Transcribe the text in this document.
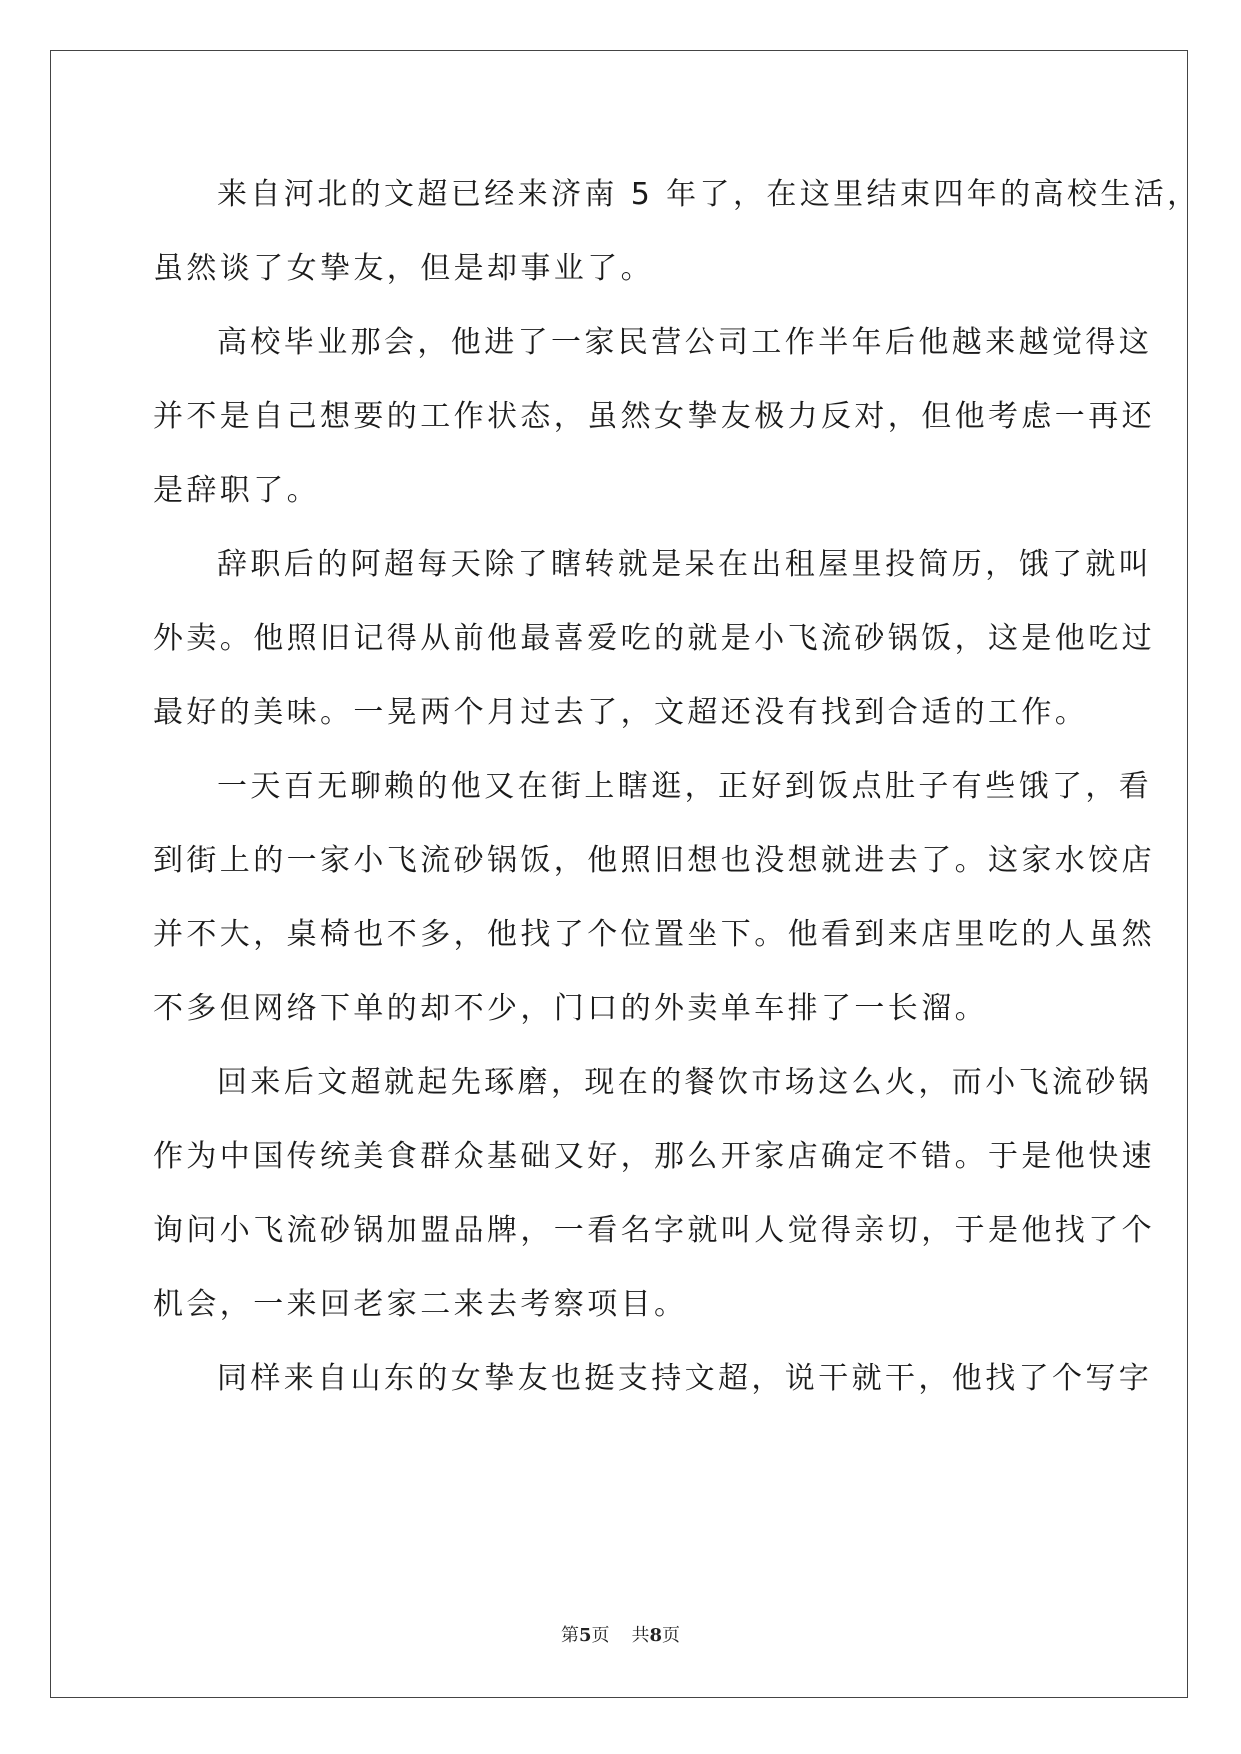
来自河北的文超已经来济南 5 年了，在这里结束四年的高校生活，

虽然谈了女挚友，但是却事业了。

高校毕业那会，他进了一家民营公司工作半年后他越来越觉得这

并不是自己想要的工作状态，虽然女挚友极力反对，但他考虑一再还

是辞职了。

辞职后的阿超每天除了瞎转就是呆在出租屋里投简历，饿了就叫

外卖。他照旧记得从前他最喜爱吃的就是小飞流砂锅饭，这是他吃过

最好的美味。一晃两个月过去了，文超还没有找到合适的工作。

一天百无聊赖的他又在街上瞎逛，正好到饭点肚子有些饿了，看

到街上的一家小飞流砂锅饭，他照旧想也没想就进去了。这家水饺店

并不大，桌椅也不多，他找了个位置坐下。他看到来店里吃的人虽然

不多但网络下单的却不少，门口的外卖单车排了一长溜。

回来后文超就起先琢磨，现在的餐饮市场这么火，而小飞流砂锅

作为中国传统美食群众基础又好，那么开家店确定不错。于是他快速

询问小飞流砂锅加盟品牌，一看名字就叫人觉得亲切，于是他找了个

机会，一来回老家二来去考察项目。

同样来自山东的女挚友也挺支持文超，说干就干，他找了个写字

第5页 共8页
